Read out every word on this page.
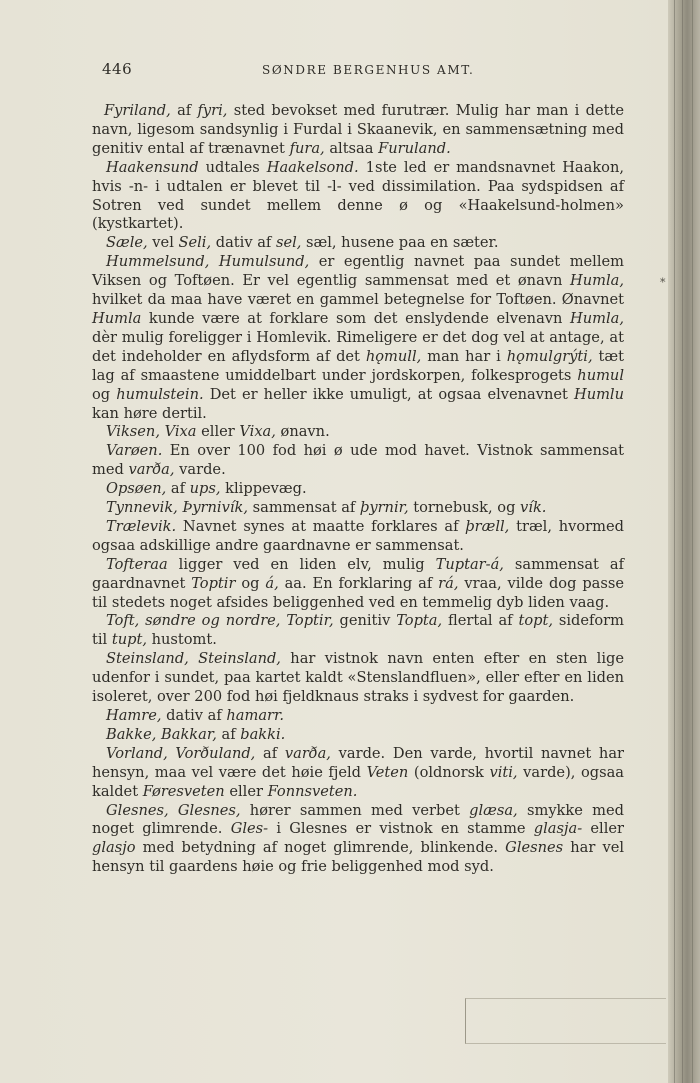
446	SØNDRE BERGENHUS AMT.

Fyriland, af fyri, sted bevokset med furutrær. Mulig har man i dette navn, ligesom sandsynlig i Furdal i Skaanevik, en sammensætning med genitiv ental af trænavnet fura, altsaa Furuland.

Haakensund udtales Haakelsond. 1ste led er mandsnavnet Haakon, hvis -n- i udtalen er blevet til -l- ved dissimilation. Paa sydspidsen af Sotren ved sundet mellem denne ø og «Haakelsund-holmen» (kystkartet).

Sæle, vel Seli, dativ af sel, sæl, husene paa en sæter.

Hummelsund, Humulsund, er egentlig navnet paa sundet mellem Viksen og Toftøen. Er vel egentlig sammensat med et ønavn Humla, hvilket da maa have været en gammel betegnelse for Toftøen. Ønavnet Humla kunde være at forklare som det enslydende elvenavn Humla, dèr mulig foreligger i Homlevik. Rimeligere er det dog vel at antage, at det indeholder en aflydsform af det hǫmull, man har i hǫmulgrýti, tæt lag af smaastene umiddelbart under jordskorpen, folkesprogets humul og humulstein. Det er heller ikke umuligt, at ogsaa elvenavnet Humlu kan høre dertil.

Viksen, Vixa eller Vixa, ønavn.

Varøen. En over 100 fod høi ø ude mod havet. Vistnok sammensat med varða, varde.

Opsøen, af ups, klippevæg.

Tynnevik, Þyrnivík, sammensat af þyrnir, tornebusk, og vík.

Trælevik. Navnet synes at maatte forklares af þræll, træl, hvormed ogsaa adskillige andre gaardnavne er sammensat.

Tofteraa ligger ved en liden elv, mulig Tuptar-á, sammensat af gaardnavnet Toptir og á, aa. En forklaring af rá, vraa, vilde dog passe til stedets noget afsides beliggenhed ved en temmelig dyb liden vaag.

Toft, søndre og nordre, Toptir, genitiv Topta, flertal af topt, sideform til tupt, hustomt.

Steinsland, Steinsland, har vistnok navn enten efter en sten lige udenfor i sundet, paa kartet kaldt «Stenslandfluen», eller efter en liden isoleret, over 200 fod høi fjeldknaus straks i sydvest for gaarden.

Hamre, dativ af hamarr.

Bakke, Bakkar, af bakki.

Vorland, Vorðuland, af varða, varde. Den varde, hvortil navnet har hensyn, maa vel være det høie fjeld Veten (oldnorsk viti, varde), ogsaa kaldet Føresveten eller Fonnsveten.

Glesnes, Glesnes, hører sammen med verbet glæsa, smykke med noget glimrende. Gles- i Glesnes er vistnok en stamme glasja- eller glasjo med betydning af noget glimrende, blinkende. Glesnes har vel hensyn til gaardens høie og frie beliggenhed mod syd.

*
